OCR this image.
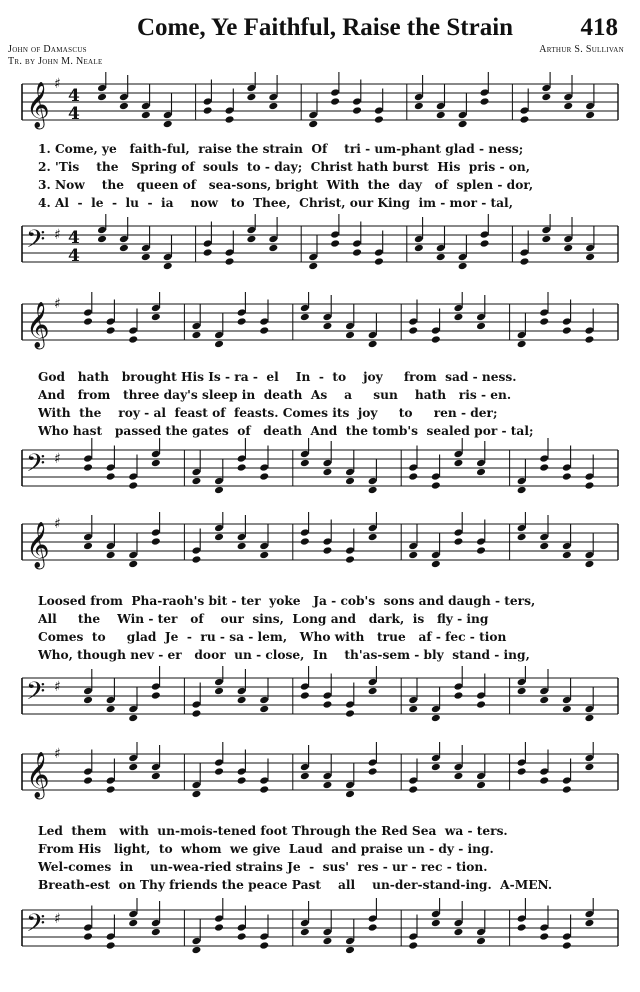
Come, Ye Faithful, Raise the Strain	418
John of Damascus
Tr. by John M. Neale
Arthur S. Sullivan
𝄞 ♯
4
4
1. Come, ye   faith-ful,  raise the strain  Of    tri - um-phant glad - ness;
2. 'Tis    the   Spring of  souls  to - day;  Christ hath burst  His  pris - on,
3. Now    the   queen of   sea-sons, bright  With  the  day   of  splen - dor,
4. Al  -  le  -  lu  -  ia    now   to  Thee,  Christ, our King  im - mor - tal,
𝄢 ♯ 4
4
𝄞 ♯
God   hath   brought His Is - ra -  el    In  -  to    joy     from  sad - ness.
And   from   three day's sleep in  death  As    a     sun    hath   ris - en.
With  the    roy - al  feast of  feasts. Comes its  joy     to     ren - der;
Who hast   passed the gates  of   death  And  the tomb's  sealed por - tal;
𝄢 ♯
𝄞 ♯
Loosed from  Pha-raoh's bit - ter  yoke   Ja - cob's  sons and daugh - ters,
All     the    Win - ter   of    our  sins,  Long and   dark,  is   fly - ing
Comes  to     glad  Je  -  ru - sa - lem,   Who with   true   af - fec - tion
Who, though nev - er   door  un - close,  In    th'as-sem - bly  stand - ing,
𝄢 ♯
𝄞 ♯
Led  them   with  un-mois-tened foot Through the Red Sea  wa - ters.
From His   light,  to  whom  we give  Laud  and praise un - dy - ing.
Wel-comes  in    un-wea-ried strains Je  -  sus'  res - ur - rec - tion.
Breath-est  on Thy friends the peace Past    all    un-der-stand-ing.  A-MEN.
𝄢 ♯
